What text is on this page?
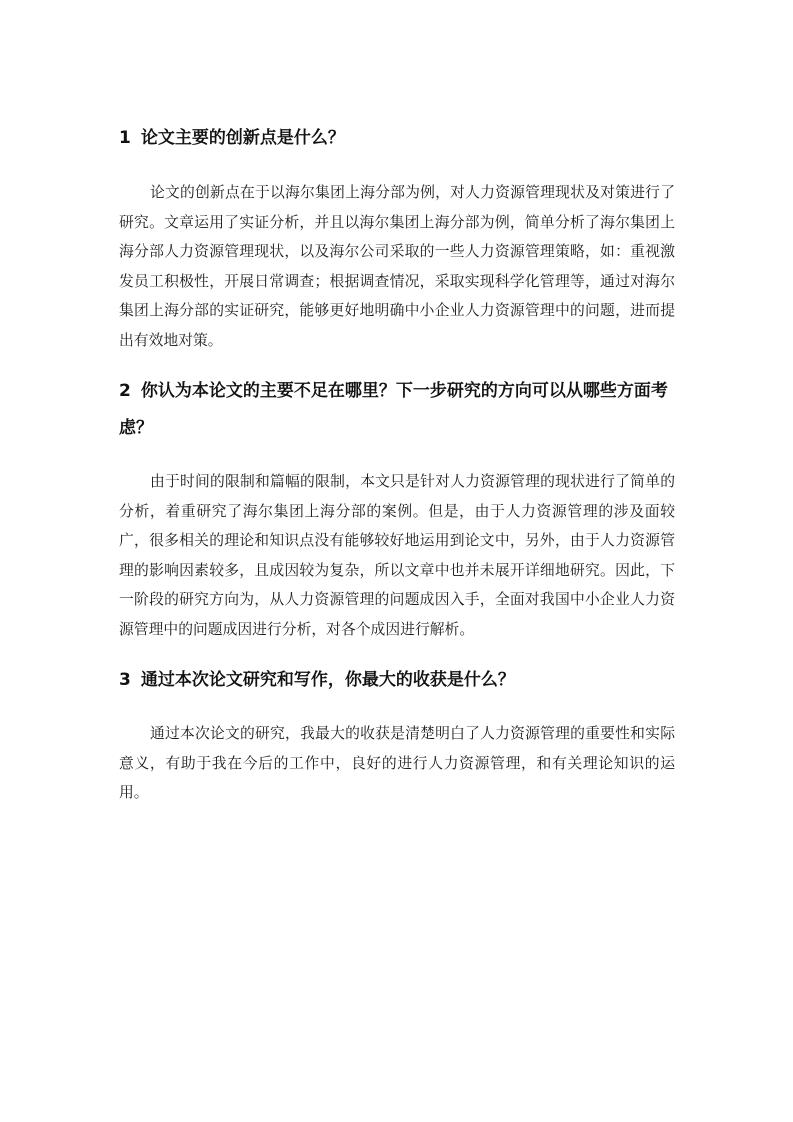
1 论文主要的创新点是什么？

论文的创新点在于以海尔集团上海分部为例，对人力资源管理现状及对策进行了研究。文章运用了实证分析，并且以海尔集团上海分部为例，简单分析了海尔集团上海分部人力资源管理现状，以及海尔公司采取的一些人力资源管理策略，如：重视激发员工积极性，开展日常调查；根据调查情况，采取实现科学化管理等，通过对海尔集团上海分部的实证研究，能够更好地明确中小企业人力资源管理中的问题，进而提出有效地对策。

2 你认为本论文的主要不足在哪里？下一步研究的方向可以从哪些方面考虑？

由于时间的限制和篇幅的限制，本文只是针对人力资源管理的现状进行了简单的分析，着重研究了海尔集团上海分部的案例。但是，由于人力资源管理的涉及面较广，很多相关的理论和知识点没有能够较好地运用到论文中，另外，由于人力资源管理的影响因素较多，且成因较为复杂，所以文章中也并未展开详细地研究。因此，下一阶段的研究方向为，从人力资源管理的问题成因入手，全面对我国中小企业人力资源管理中的问题成因进行分析，对各个成因进行解析。

3 通过本次论文研究和写作，你最大的收获是什么？

通过本次论文的研究，我最大的收获是清楚明白了人力资源管理的重要性和实际意义，有助于我在今后的工作中，良好的进行人力资源管理，和有关理论知识的运用。
